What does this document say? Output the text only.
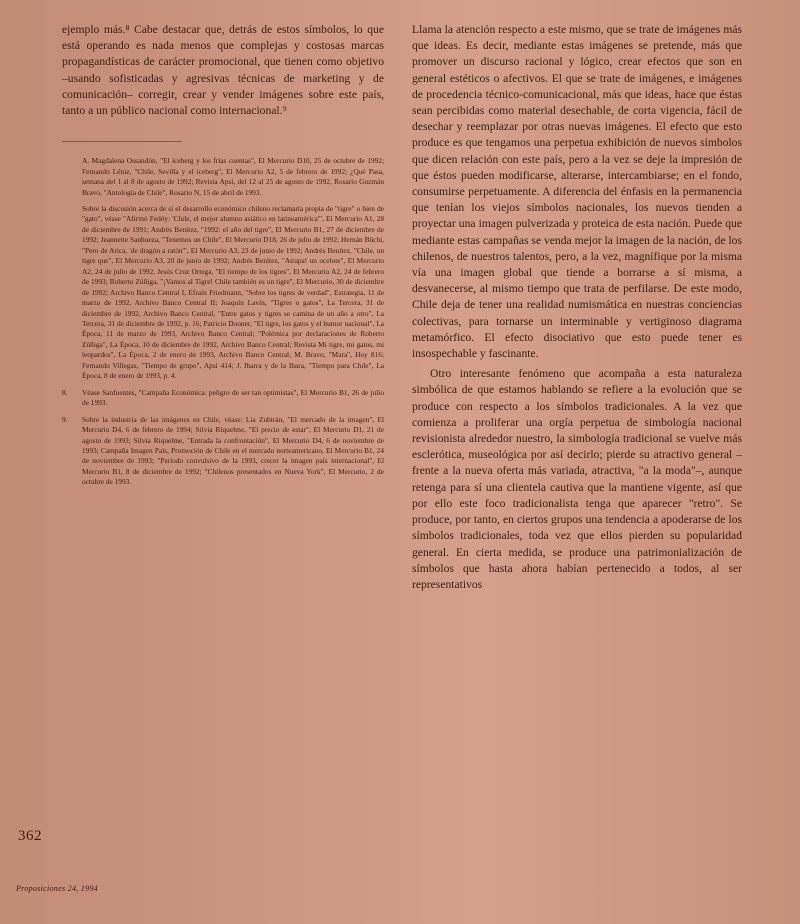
ejemplo más.⁸ Cabe destacar que, detrás de estos símbolos, lo que está operando es nada menos que complejas y costosas marcas propagandísticas de carácter promocional, que tienen como objetivo –usando sofisticadas y agresivas técnicas de marketing y de comunicación– corregir, crear y vender imágenes sobre este país, tanto a un público nacional como internacional.⁹

A. Magdalena Ossandón, "El iceberg y los frías cuentas", El Mercurio D10, 25 de octubre de 1992; Fernando Léniz, "Chile, Sevilla y el iceberg", El Mercurio A2, 5 de febrero de 1992; ¿Qué Pasa, semana del 1 al 8 de agosto de 1992; Revista Apsi, del 12 al 25 de agosto de 1992, Rosario Guzmán Bravo, "Antología de Chile", Rosario N, 15 de abril de 1993.
Sobre la discusión acerca de si el desarrollo económico chileno reclamaría propia de "tigre" o bien de "gato", véase "Afirmó Fedóy: 'Chile, el mejor alumno asiático en latinoamérica'", El Mercurio A1, 28 de diciembre de 1991; Andrés Benítez, "1992: el año del tigre", El Mercurio B1, 27 de diciembre de 1992; Jeannette Sanhueza, "Tenemos un Chile", El Mercurio D18, 26 de julio de 1992; Hernán Büchi, "Pero de Arica, 'de dragón a ratón'", El Mercurio A3, 23 de junio de 1992; Andrés Benítez, "Chile, un tigre que", El Mercurio A3, 20 de junio de 1992; Andrés Benítez, "Atrapa! un ocelote", El Mercurio A2, 24 de julio de 1992, Jesús Cruz Ortega, "El tiempo de los tigres", El Mercurio A2, 24 de febrero de 1993; Roberto Zúñiga, "¡Vamos al Tigre! Chile también es un tigre", El Mercurio, 30 de diciembre de 1992; Archivo Banco Central I, Efraín Friedmann, "Sobre los tigres de verdad", Estrategia, 11 de marzo de 1992, Archivo Banco Central II; Joaquín Lavín, "Tigres o gatos", La Tercera, 31 de diciembre de 1992, Archivo Banco Central, "Entre gatos y tigres se camina de un año a otro", La Tercera, 31 de diciembre de 1992, p. 16; Patricio Dooner, "El tigre, los gatos y el humor nacional", La Época, 11 de marzo de 1993, Archivo Banco Central; "Polémica por declaraciones de Roberto Zúñiga", La Época, 10 de diciembre de 1992, Archivo Banco Central; Revista Mi tigre, mi gatos, mi leopardos", La Época, 2 de enero de 1993, Archivo Banco Central; M. Bravo, "Mara", Hoy 816; Fernando Villegas, "Tiempo de grupo", Apsi 414; J. Ibarra y de la Ibara, "Tiempo para Chile", La Época, 8 de enero de 1993, p. 4.
8.	Véase Sanfuentes, "Campaña Económica: peligro de ser tan optimistas", El Mercurio B1, 26 de julio de 1993.
9.	Sobre la industria de las imágenes en Chile, véase: Lia Zubirán, "El mercado de la imagen", El Mercurio D4, 6 de febrero de 1994; Silvia Riquelme, "El precio de estar", El Mercurio D1, 21 de agosto de 1993; Silvia Riquelme, "Entrada la confrontación", El Mercurio D4, 6 de noviembre de 1993; Campaña Imagen País, Promoción de Chile en el mercado norteamericano, El Mercurio B1, 24 de noviembre de 1993; "Período convulsivo de la 1993, crecer la imagen país internacional", El Mercurio B1, 8 de diciembre de 1992; "Chilenos presentados en Nueva York", El Mercurio, 2 de octubre de 1993.

Llama la atención respecto a este mismo, que se trate de imágenes más que ideas. Es decir, mediante estas imágenes se pretende, más que promover un discurso racional y lógico, crear efectos que son en general estéticos o afectivos. El que se trate de imágenes, e imágenes de procedencia técnico-comunicacional, más que ideas, hace que éstas sean percibidas como material desechable, de corta vigencia, fácil de desechar y reemplazar por otras nuevas imágenes. El efecto que esto produce es que tengamos una perpetua exhibición de nuevos símbolos que dicen relación con este país, pero a la vez se deje la impresión de que éstos pueden modificarse, alterarse, intercambiarse; en el fondo, consumirse perpetuamente. A diferencia del énfasis en la permanencia que tenían los viejos símbolos nacionales, los nuevos tienden a proyectar una imagen pulverizada y proteica de esta nación. Puede que mediante estas campañas se venda mejor la imagen de la nación, de los chilenos, de nuestros talentos, pero, a la vez, magnífique por la misma vía una imagen global que tiende a borrarse a sí misma, a desvanecerse, al mismo tiempo que trata de perfilarse. De este modo, Chile deja de tener una realidad numismática en nuestras conciencias colectivas, para tornarse un interminable y vertiginoso diagrama metamórfico. El efecto disociativo que esto puede tener es insospechable y fascinante.

Otro interesante fenómeno que acompaña a esta naturaleza simbólica de que estamos hablando se refiere a la evolución que se produce con respecto a los símbolos tradicionales. A la vez que comienza a proliferar una orgía perpetua de simbología nacional revisionista alrededor nuestro, la simbología tradicional se vuelve más esclerótica, museológica por así decirlo; pierde su atractivo general –frente a la nueva oferta más variada, atractiva, "a la moda"–, aunque retenga para sí una clientela cautiva que la mantiene vigente, así que por ello este foco tradicionalista tenga que aparecer "retro". Se produce, por tanto, en ciertos grupos una tendencia a apoderarse de los símbolos tradicionales, toda vez que ellos pierden su popularidad general. En cierta medida, se produce una patrimonialización de símbolos que hasta ahora habían pertenecido a todos, al ser representativos

362
Proposiciones 24, 1994
